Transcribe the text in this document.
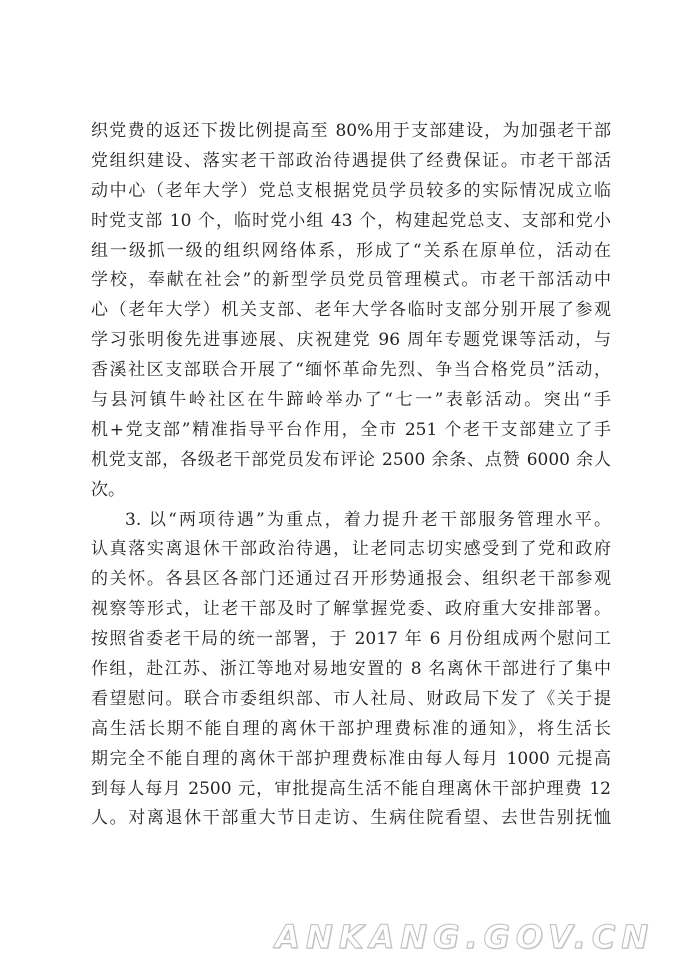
织党费的返还下拨比例提高至 80%用于支部建设，为加强老干部
党组织建设、落实老干部政治待遇提供了经费保证。市老干部活
动中心（老年大学）党总支根据党员学员较多的实际情况成立临
时党支部 10 个，临时党小组 43 个，构建起党总支、支部和党小
组一级抓一级的组织网络体系，形成了“关系在原单位，活动在
学校，奉献在社会”的新型学员党员管理模式。市老干部活动中
心（老年大学）机关支部、老年大学各临时支部分别开展了参观
学习张明俊先进事迹展、庆祝建党 96 周年专题党课等活动，与
香溪社区支部联合开展了“缅怀革命先烈、争当合格党员”活动，
与县河镇牛岭社区在牛蹄岭举办了“七一”表彰活动。突出“手
机+党支部”精准指导平台作用，全市 251 个老干支部建立了手
机党支部，各级老干部党员发布评论 2500 余条、点赞 6000 余人
次。
3. 以“两项待遇”为重点，着力提升老干部服务管理水平。
认真落实离退休干部政治待遇，让老同志切实感受到了党和政府
的关怀。各县区各部门还通过召开形势通报会、组织老干部参观
视察等形式，让老干部及时了解掌握党委、政府重大安排部署。
按照省委老干局的统一部署，于 2017 年 6 月份组成两个慰问工
作组，赴江苏、浙江等地对易地安置的 8 名离休干部进行了集中
看望慰问。联合市委组织部、市人社局、财政局下发了《关于提
高生活长期不能自理的离休干部护理费标准的通知》，将生活长
期完全不能自理的离休干部护理费标准由每人每月 1000 元提高
到每人每月 2500 元，审批提高生活不能自理离休干部护理费 12
人。对离退休干部重大节日走访、生病住院看望、去世告别抚恤
ANKANG.GOV.CN
